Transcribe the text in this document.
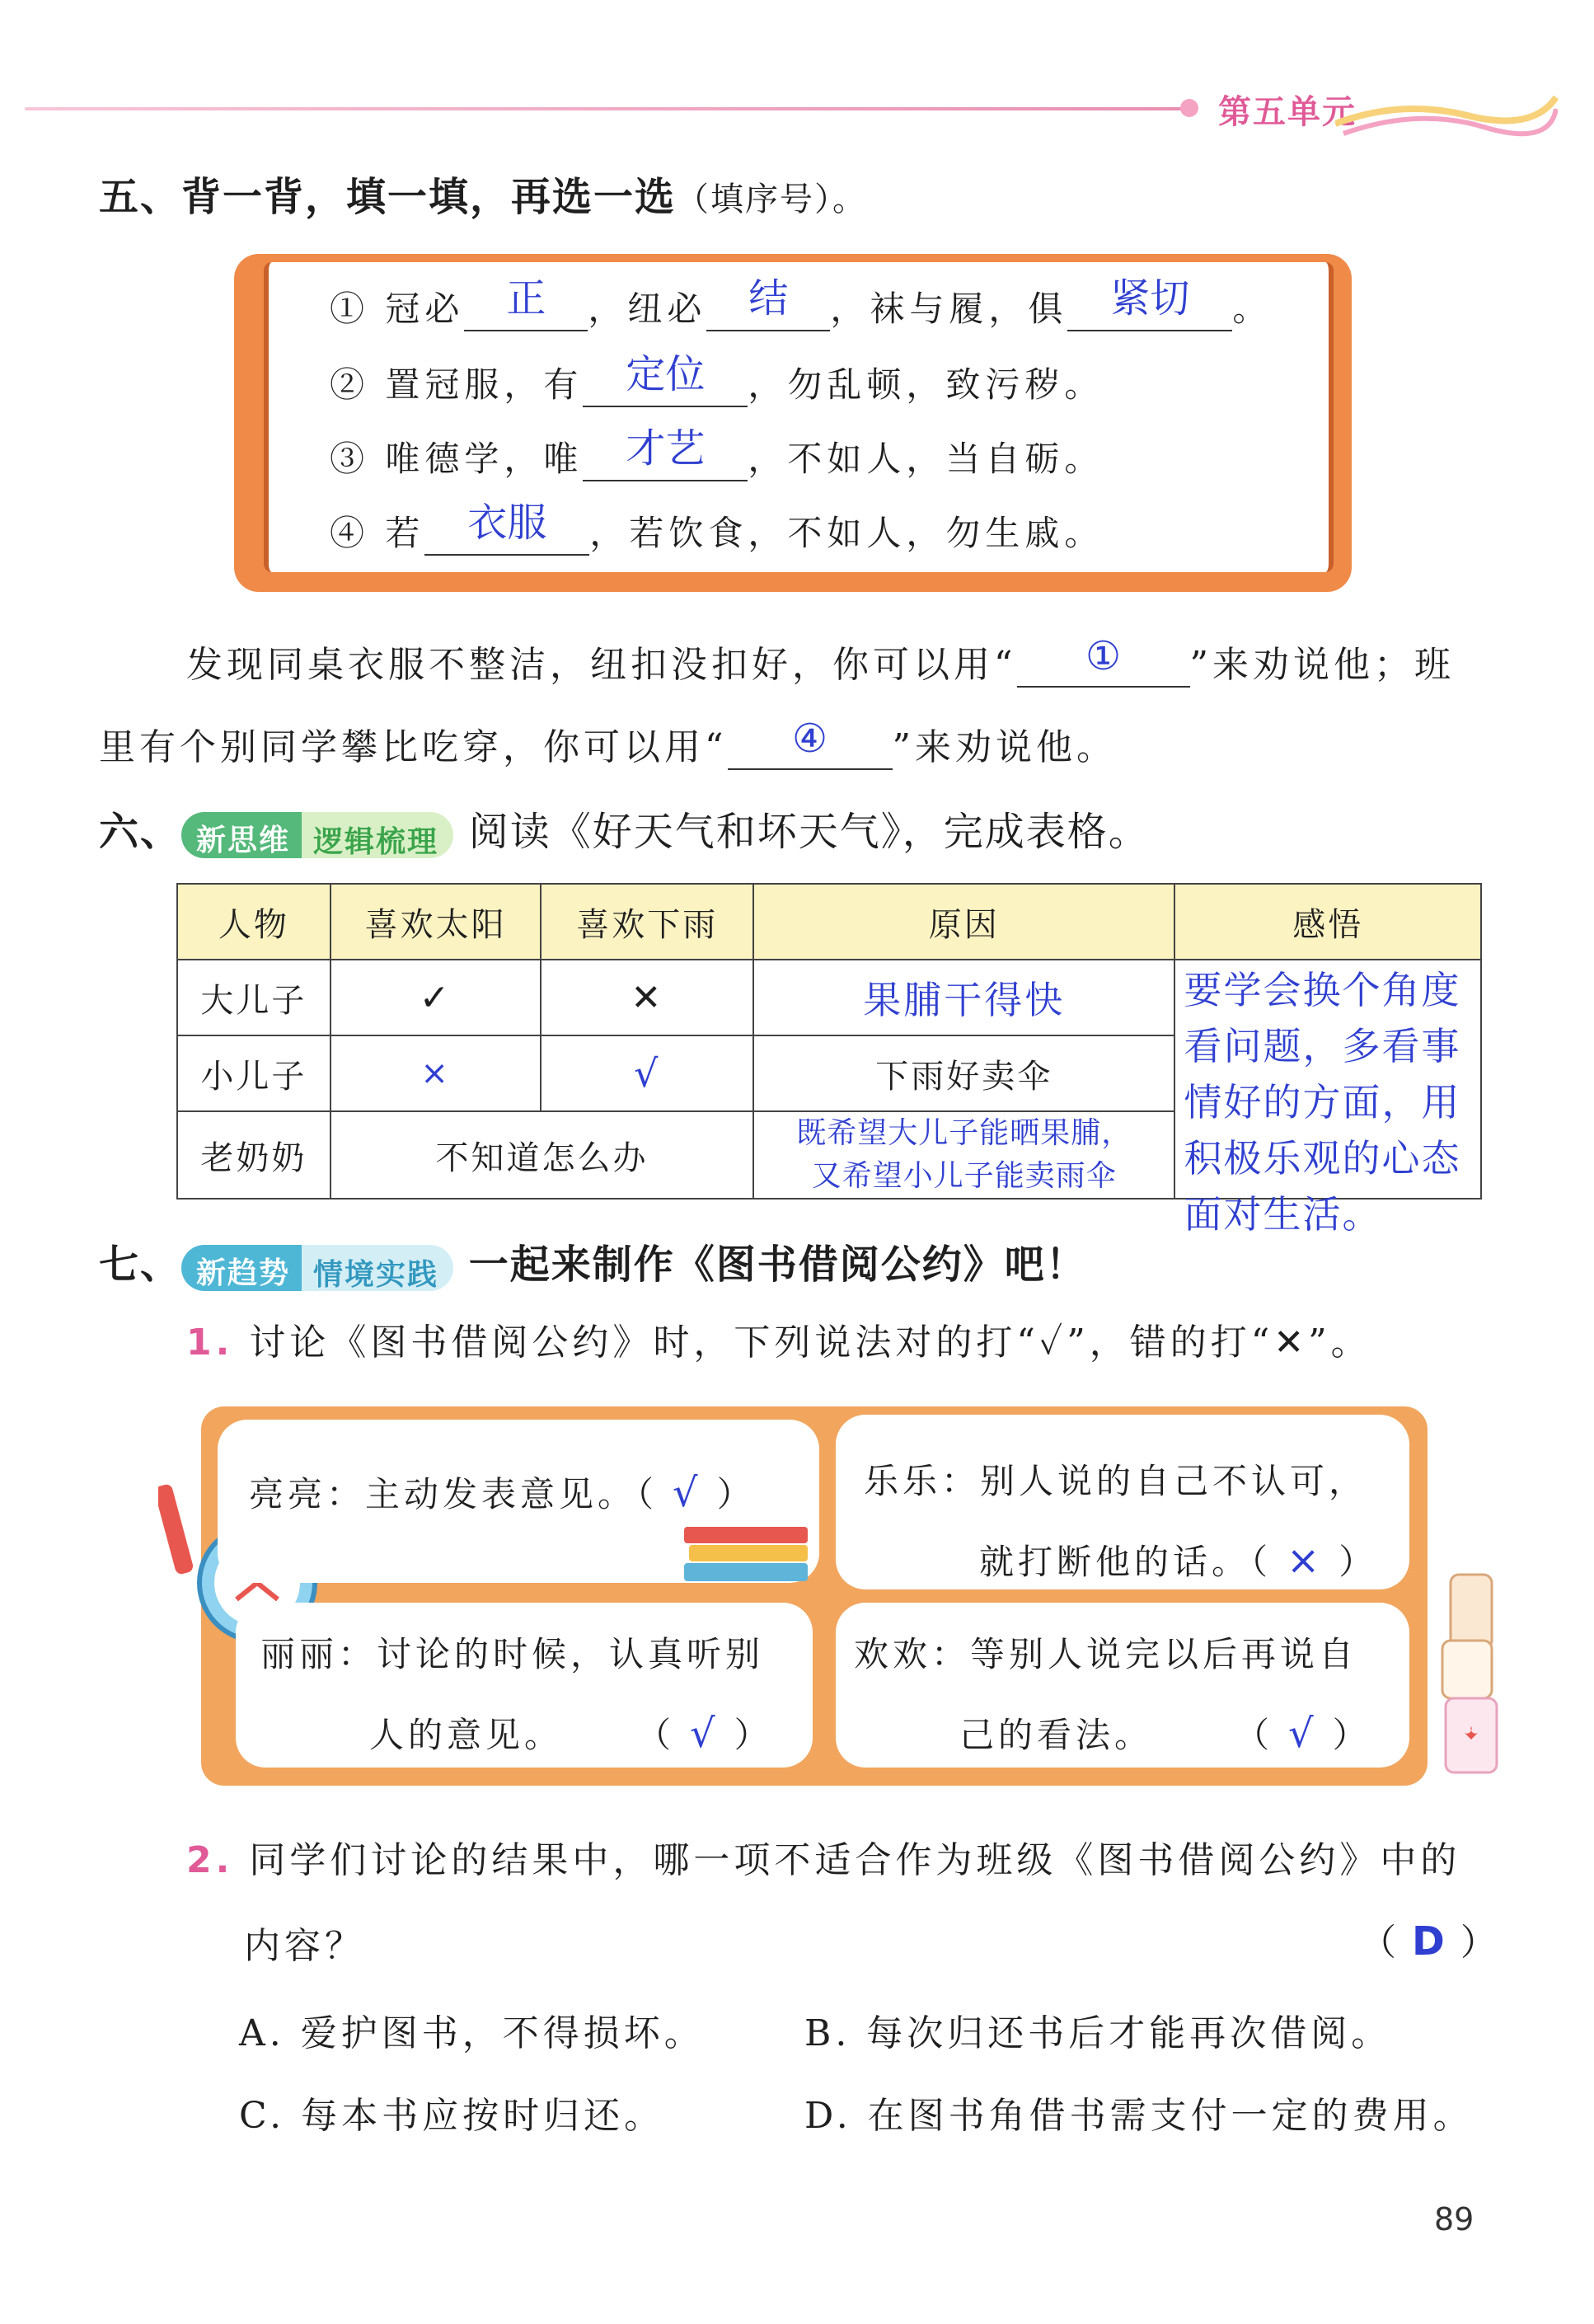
第五单元
五、背一背，填一填，再选一选（填序号）。
① 冠必	正	，纽必	结	，袜与履，俱	紧切	。
② 置冠服，有	定位	，勿乱顿，致污秽。
③ 唯德学，唯	才艺	，不如人，当自砺。
④ 若	衣服	，若饮食，不如人，勿生戚。
发现同桌衣服不整洁，纽扣没扣好，你可以用“	①	”来劝说他；班
里有个别同学攀比吃穿，你可以用“	④	”来劝说他。
六、 新思维 逻辑梳理 阅读《好天气和坏天气》，完成表格。
人物	喜欢太阳	喜欢下雨	原因	感悟
大儿子	✓	✕	果脯干得快	要学会换个角度
看问题，多看事
情好的方面，用
积极乐观的心态
面对生活。

小儿子	×	√	下雨好卖伞	
老奶奶	不知道怎么办		既希望大儿子能晒果脯，
又希望小儿子能卖雨伞	
七、 新趋势 情境实践 一起来制作《图书借阅公约》吧！
1. 讨论《图书借阅公约》时，下列说法对的打“✓”，错的打“✕”。
亮亮：主动发表意见。（ √ ）	乐乐：别人说的自己不认可，
就打断他的话。（ × ）
丽丽：讨论的时候，认真听别
人的意见。	（ √ ）
欢欢：等别人说完以后再说自
己的看法。	（ √ ）
2. 同学们讨论的结果中，哪一项不适合作为班级《图书借阅公约》中的
内容？	（ D ）
A. 爱护图书，不得损坏。	B. 每次归还书后才能再次借阅。
C. 每本书应按时归还。	D. 在图书角借书需支付一定的费用。
89
